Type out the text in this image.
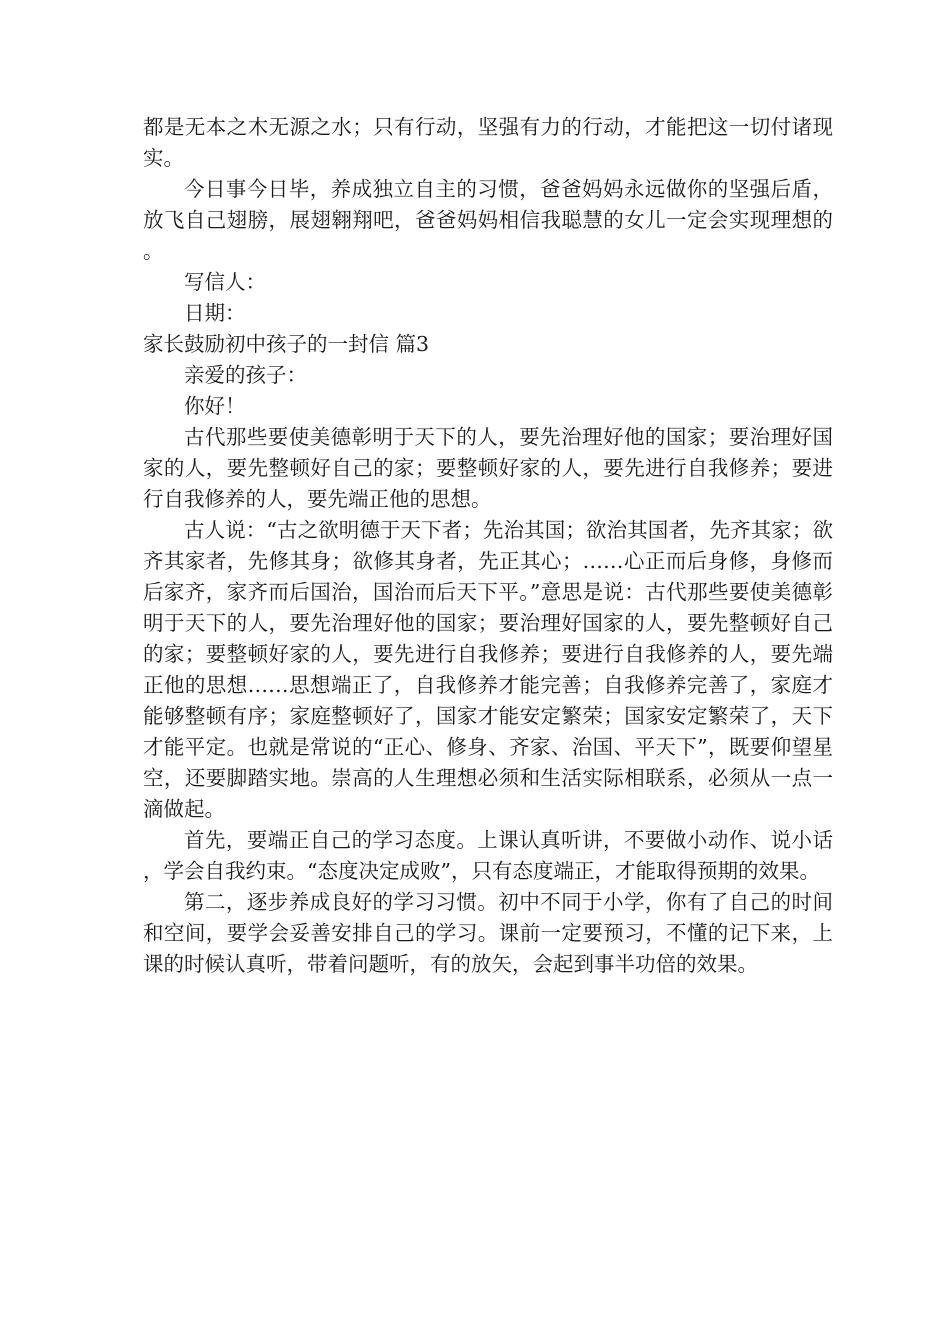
都是无本之木无源之水；只有行动，坚强有力的行动，才能把这一切付诸现实。

今日事今日毕，养成独立自主的习惯，爸爸妈妈永远做你的坚强后盾，放飞自己翅膀，展翅翱翔吧，爸爸妈妈相信我聪慧的女儿一定会实现理想的。

写信人：

日期：

家长鼓励初中孩子的一封信 篇3

亲爱的孩子：

你好！

古代那些要使美德彰明于天下的人，要先治理好他的国家；要治理好国家的人，要先整顿好自己的家；要整顿好家的人，要先进行自我修养；要进行自我修养的人，要先端正他的思想。

古人说：“古之欲明德于天下者；先治其国；欲治其国者，先齐其家；欲齐其家者，先修其身；欲修其身者，先正其心；……心正而后身修，身修而后家齐，家齐而后国治，国治而后天下平。”意思是说：古代那些要使美德彰明于天下的人，要先治理好他的国家；要治理好国家的人，要先整顿好自己的家；要整顿好家的人，要先进行自我修养；要进行自我修养的人，要先端正他的思想……思想端正了，自我修养才能完善；自我修养完善了，家庭才能够整顿有序；家庭整顿好了，国家才能安定繁荣；国家安定繁荣了，天下才能平定。也就是常说的“正心、修身、齐家、治国、平天下”，既要仰望星空，还要脚踏实地。崇高的人生理想必须和生活实际相联系，必须从一点一滴做起。

首先，要端正自己的学习态度。上课认真听讲，不要做小动作、说小话，学会自我约束。“态度决定成败”，只有态度端正，才能取得预期的效果。

第二，逐步养成良好的学习习惯。初中不同于小学，你有了自己的时间和空间，要学会妥善安排自己的学习。课前一定要预习，不懂的记下来，上课的时候认真听，带着问题听，有的放矢，会起到事半功倍的效果。
